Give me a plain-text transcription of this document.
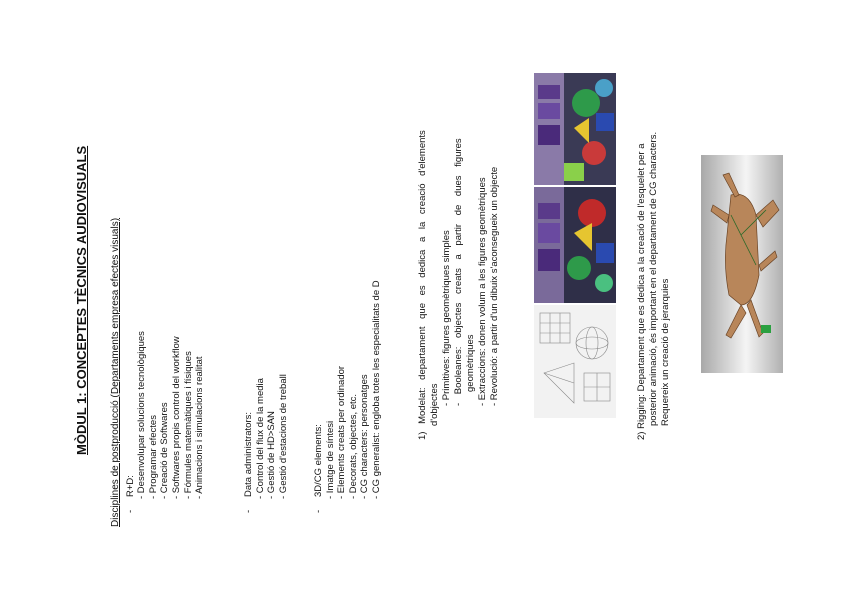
MÒDUL 1: CONCEPTES TÈCNICS AUDIOVISUALS Disciplines de postproducció (Departaments empresa efectes visuals) -R+D: - Desenvolupar solucions tecnològiques - Programar efectes - Creació de Softwares - Softwares propis control del workflow - Fórmules matemàtiques i físiques - Animacions i simulacions realitat
-Data administrators: - Control del flux de la media - Gestió de HD>SAN - Gestió d'estacions de treball
-3D/CG elements: - Imatge de síntesi - Elements creats per ordinador - Decorats, objectes, etc. - CG characters: personatges - CG generalist: engloba totes les especialitats de D	1) Modelat: departament que es dedica a la creació d'elements d'objectes - Primitives: figures geomètriques simples - Booleanes: objectes creats a partir de dues figures geomètriques - Extraccions: donen volum a les figures geomètriques - Revolució: a partir d'un dibuix s'aconsegueix un objecte	2) Rigging: Departament que es dedica a la creació de l'esquelet per a posterior animació, és important en el departament de CG characters. Requereix un creació de jerarquies
